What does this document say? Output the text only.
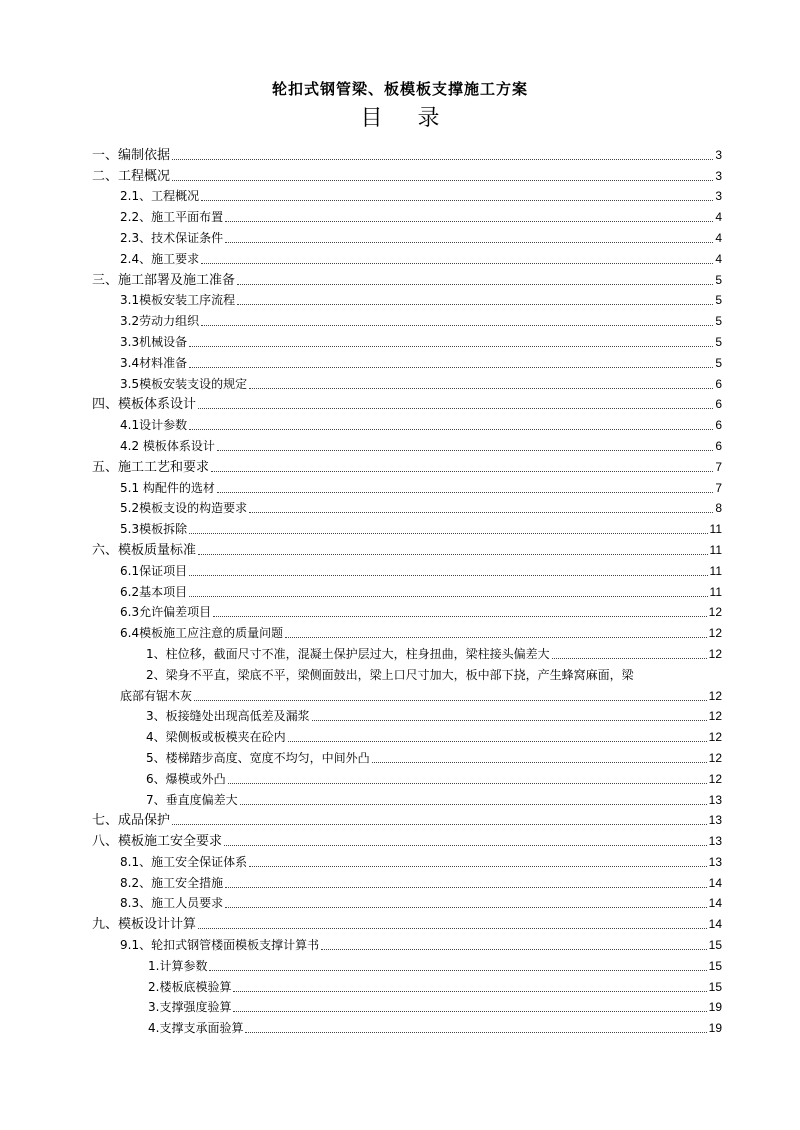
轮扣式钢管梁、板模板支撑施工方案
目 录
一、编制依据	3
二、工程概况	3
2.1、工程概况	3
2.2、施工平面布置	4
2.3、技术保证条件	4
2.4、施工要求	4
三、施工部署及施工准备	5
3.1模板安装工序流程	5
3.2劳动力组织	5
3.3机械设备	5
3.4材料准备	5
3.5模板安装支设的规定	6
四、模板体系设计	6
4.1设计参数	6
4.2 模板体系设计	6
五、施工工艺和要求	7
5.1 构配件的选材	7
5.2模板支设的构造要求	8
5.3模板拆除	11
六、模板质量标准	11
6.1保证项目	11
6.2基本项目	11
6.3允许偏差项目	12
6.4模板施工应注意的质量问题	12
1、柱位移，截面尺寸不准，混凝土保护层过大，柱身扭曲，梁柱接头偏差大	12
2、梁身不平直，梁底不平，梁侧面鼓出，梁上口尺寸加大，板中部下挠，产生蜂窝麻面，梁
底部有锯木灰	12
3、板接缝处出现高低差及漏浆	12
4、梁侧板或板模夹在砼内	12
5、楼梯踏步高度、宽度不均匀，中间外凸	12
6、爆模或外凸	12
7、垂直度偏差大	13
七、成品保护	13
八、模板施工安全要求	13
8.1、施工安全保证体系	13
8.2、施工安全措施	14
8.3、施工人员要求	14
九、模板设计计算	14
9.1、轮扣式钢管楼面模板支撑计算书	15
1.计算参数	15
2.楼板底模验算	15
3.支撑强度验算	19
4.支撑支承面验算	19
